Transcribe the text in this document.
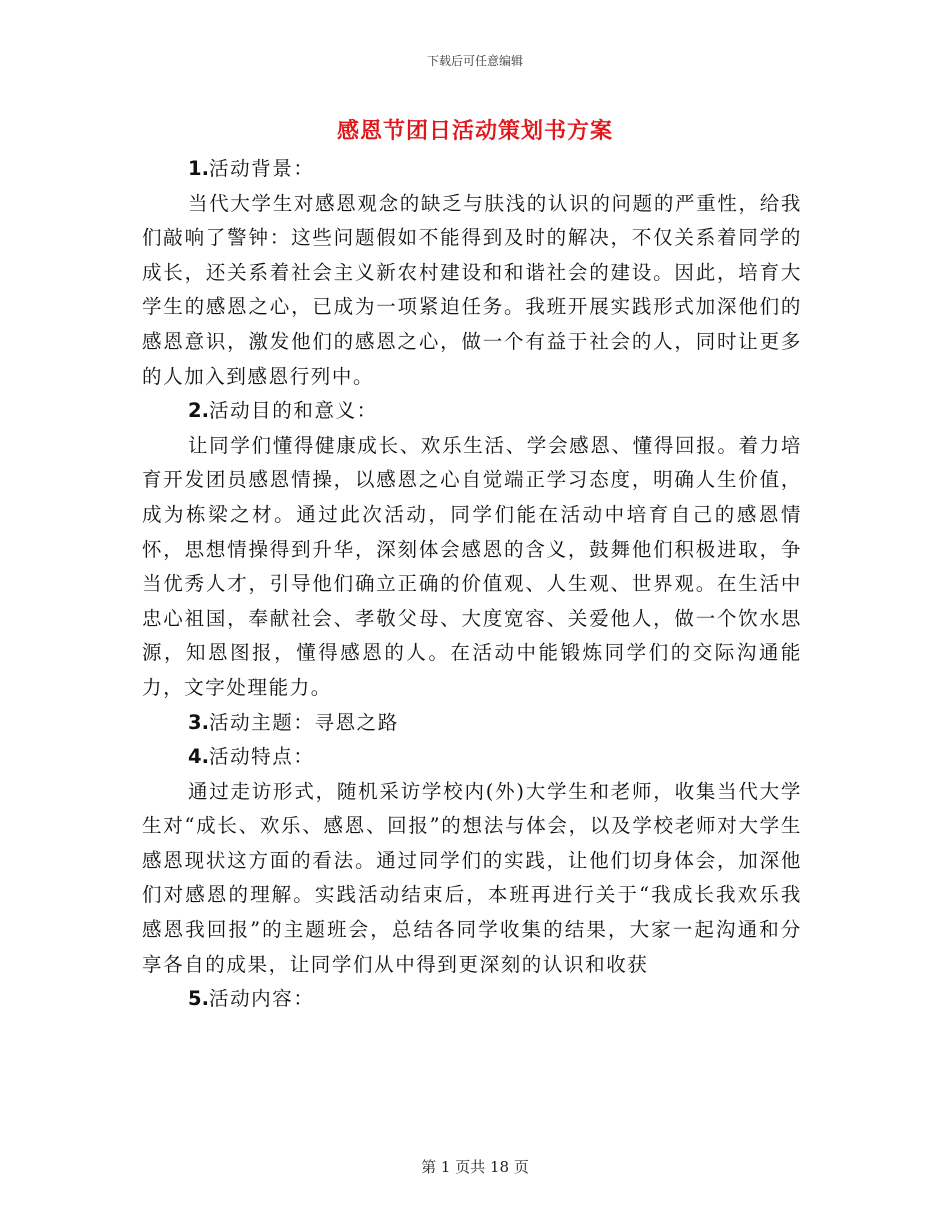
下载后可任意编辑
感恩节团日活动策划书方案

1.活动背景：

当代大学生对感恩观念的缺乏与肤浅的认识的问题的严重性，给我们敲响了警钟：这些问题假如不能得到及时的解决，不仅关系着同学的成长，还关系着社会主义新农村建设和和谐社会的建设。因此，培育大学生的感恩之心，已成为一项紧迫任务。我班开展实践形式加深他们的感恩意识，激发他们的感恩之心，做一个有益于社会的人，同时让更多的人加入到感恩行列中。

2.活动目的和意义：

让同学们懂得健康成长、欢乐生活、学会感恩、懂得回报。着力培育开发团员感恩情操，以感恩之心自觉端正学习态度，明确人生价值，成为栋梁之材。通过此次活动，同学们能在活动中培育自己的感恩情怀，思想情操得到升华，深刻体会感恩的含义，鼓舞他们积极进取，争当优秀人才，引导他们确立正确的价值观、人生观、世界观。在生活中忠心祖国，奉献社会、孝敬父母、大度宽容、关爱他人，做一个饮水思源，知恩图报，懂得感恩的人。在活动中能锻炼同学们的交际沟通能力，文字处理能力。

3.活动主题：寻恩之路

4.活动特点：

通过走访形式，随机采访学校内(外)大学生和老师，收集当代大学生对“成长、欢乐、感恩、回报”的想法与体会，以及学校老师对大学生感恩现状这方面的看法。通过同学们的实践，让他们切身体会，加深他们对感恩的理解。实践活动结束后，本班再进行关于“我成长我欢乐我感恩我回报”的主题班会，总结各同学收集的结果，大家一起沟通和分享各自的成果，让同学们从中得到更深刻的认识和收获

5.活动内容：

第 1 页共 18 页
